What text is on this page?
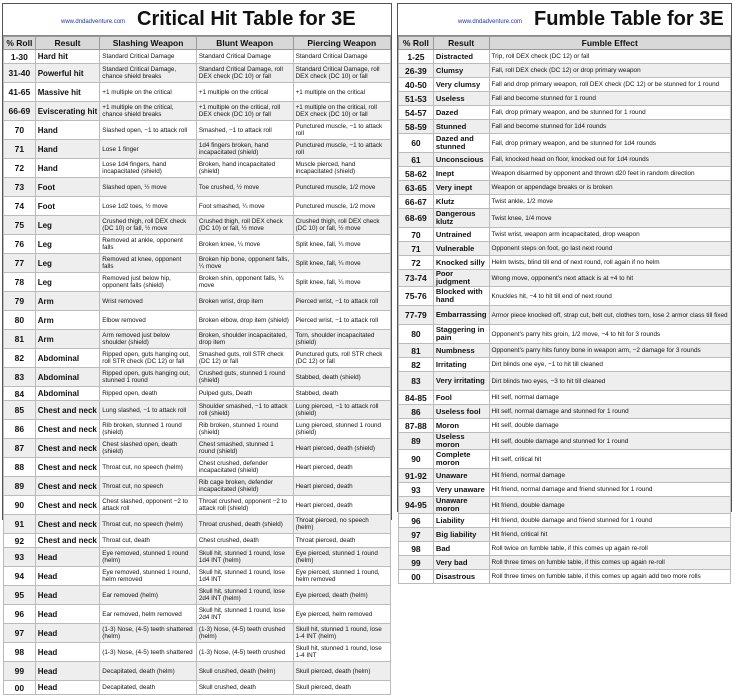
www.dndadventure.com Critical Hit Table for 3E
% Roll	Result	Slashing Weapon	Blunt Weapon	Piercing Weapon
1-30	Hard hit	Standard Critical Damage	Standard Critical Damage	Standard Critical Damage
31-40	Powerful hit	Standard Critical Damage, chance shield breaks	Standard Critical Damage, roll DEX check (DC 10) or fall	Standard Critical Damage, roll DEX check (DC 10) or fall
41-65	Massive hit	+1 multiple on the critical	+1 multiple on the critical	+1 multiple on the critical
66-69	Eviscerating hit	+1 multiple on the critical, chance shield breaks	+1 multiple on the critical, roll DEX check (DC 10) or fall	+1 multiple on the critical, roll DEX check (DC 10) or fall
70	Hand	Slashed open, −1 to attack roll	Smashed, −1 to attack roll	Punctured muscle, −1 to attack roll
71	Hand	Lose 1 finger	1d4 fingers broken, hand incapacitated (shield)	Punctured muscle, −1 to attack roll
72	Hand	Lose 1d4 fingers, hand incapacitated (shield)	Broken, hand incapacitated (shield)	Muscle pierced, hand incapacitated (shield)
73	Foot	Slashed open, ½ move	Toe crushed, ½ move	Punctured muscle, 1/2 move
74	Foot	Lose 1d2 toes, ½ move	Foot smashed, ¼ move	Punctured muscle, 1/2 move
75	Leg	Crushed thigh, roll DEX check (DC 10) or fall, ½ move	Crushed thigh, roll DEX check (DC 10) or fall, ½ move	Crushed thigh, roll DEX check (DC 10) or fall, ½ move
76	Leg	Removed at ankle, opponent falls	Broken knee, ¼ move	Split knee, fall, ¼ move
77	Leg	Removed at knee, opponent falls	Broken hip bone, opponent falls, ¼ move	Split knee, fall, ¼ move
78	Leg	Removed just below hip, opponent falls (shield)	Broken shin, opponent falls, ¼ move	Split knee, fall, ¼ move
79	Arm	Wrist removed	Broken wrist, drop item	Pierced wrist, −1 to attack roll
80	Arm	Elbow removed	Broken elbow, drop item (shield)	Pierced wrist, −1 to attack roll
81	Arm	Arm removed just below shoulder (shield)	Broken, shoulder incapacitated, drop item	Torn, shoulder incapacitated (shield)
82	Abdominal	Ripped open, guts hanging out, roll STR check (DC 12) or fall	Smashed guts, roll STR check (DC 12) or fall	Punctured guts, roll STR check (DC 12) or fall
83	Abdominal	Ripped open, guts hanging out, stunned 1 round	Crushed guts, stunned 1 round (shield)	Stabbed, death (shield)
84	Abdominal	Ripped open, death	Pulped guts, Death	Stabbed, death
85	Chest and neck	Lung slashed, −1 to attack roll	Shoulder smashed, −1 to attack roll (shield)	Lung pierced, −1 to attack roll (shield)
86	Chest and neck	Rib broken, stunned 1 round (shield)	Rib broken, stunned 1 round (shield)	Lung pierced, stunned 1 round (shield)
87	Chest and neck	Chest slashed open, death (shield)	Chest smashed, stunned 1 round (shield)	Heart pierced, death (shield)
88	Chest and neck	Throat cut, no speech (helm)	Chest crushed, defender incapacitated (shield)	Heart pierced, death
89	Chest and neck	Throat cut, no speech	Rib cage broken, defender incapacitated (shield)	Heart pierced, death
90	Chest and neck	Chest slashed, opponent −2 to attack roll	Throat crushed, opponent −2 to attack roll (shield)	Heart pierced, death
91	Chest and neck	Throat cut, no speech (helm)	Throat crushed, death (shield)	Throat pierced, no speech (helm)
92	Chest and neck	Throat cut, death	Chest crushed, death	Throat pierced, death
93	Head	Eye removed, stunned 1 round (helm)	Skull hit, stunned 1 round, lose 1d4 INT (helm)	Eye pierced, stunned 1 round (helm)
94	Head	Eye removed, stunned 1 round, helm removed	Skull hit, stunned 1 round, lose 1d4 INT	Eye pierced, stunned 1 round, helm removed
95	Head	Ear removed (helm)	Skull hit, stunned 1 round, lose 2d4 INT (helm)	Eye pierced, death (helm)
96	Head	Ear removed, helm removed	Skull hit, stunned 1 round, lose 2d4 INT	Eye pierced, helm removed
97	Head	(1-3) Nose, (4-5) teeth shattered (helm)	(1-3) Nose, (4-5) teeth crushed (helm)	Skull hit, stunned 1 round, lose 1-4 INT (helm)
98	Head	(1-3) Nose, (4-5) teeth shattered	(1-3) Nose, (4-5) teeth crushed	Skull hit, stunned 1 round, lose 1-4 INT
99	Head	Decapitated, death (helm)	Skull crushed, death (helm)	Skull pierced, death (helm)
00	Head	Decapitated, death	Skull crushed, death	Skull pierced, death
www.dndadventure.com Fumble Table for 3E
% Roll	Result	Fumble Effect
1-25	Distracted	Trip, roll DEX check (DC 12) or fall
26-39	Clumsy	Fall, roll DEX check (DC 12) or drop primary weapon
40-50	Very clumsy	Fall and drop primary weapon, roll DEX check (DC 12) or be stunned for 1 round
51-53	Useless	Fall and become stunned for 1 round
54-57	Dazed	Fall, drop primary weapon, and be stunned for 1 round
58-59	Stunned	Fall and become stunned for 1d4 rounds
60	Dazed and stunned	Fall, drop primary weapon, and be stunned for 1d4 rounds
61	Unconscious	Fall, knocked head on floor, knocked out for 1d4 rounds
58-62	Inept	Weapon disarmed by opponent and thrown d20 feet in random direction
63-65	Very inept	Weapon or appendage breaks or is broken
66-67	Klutz	Twist ankle, 1/2 move
68-69	Dangerous klutz	Twist knee, 1/4 move
70	Untrained	Twist wrist, weapon arm incapacitated, drop weapon
71	Vulnerable	Opponent steps on foot, go last next round
72	Knocked silly	Helm twists, blind till end of next round, roll again if no helm
73-74	Poor judgment	Wrong move, opponent's next attack is at +4 to hit
75-76	Blocked with hand	Knuckles hit, −4 to hit till end of next round
77-79	Embarrassing	Armor piece knocked off, strap cut, belt cut, clothes torn, lose 2 armor class till fixed
80	Staggering in pain	Opponent's parry hits groin, 1/2 move, −4 to hit for 3 rounds
81	Numbness	Opponent's parry hits funny bone in weapon arm, −2 damage for 3 rounds
82	Irritating	Dirt blinds one eye, −1 to hit till cleaned
83	Very irritating	Dirt blinds two eyes, −3 to hit till cleaned
84-85	Fool	Hit self, normal damage
86	Useless fool	Hit self, normal damage and stunned for 1 round
87-88	Moron	Hit self, double damage
89	Useless moron	Hit self, double damage and stunned for 1 round
90	Complete moron	Hit self, critical hit
91-92	Unaware	Hit friend, normal damage
93	Very unaware	Hit friend, normal damage and friend stunned for 1 round
94-95	Unaware moron	Hit friend, double damage
96	Liability	Hit friend, double damage and friend stunned for 1 round
97	Big liability	Hit friend, critical hit
98	Bad	Roll twice on fumble table, if this comes up again re-roll
99	Very bad	Roll three times on fumble table, if this comes up again re-roll
00	Disastrous	Roll three times on fumble table, if this comes up again add two more rolls
